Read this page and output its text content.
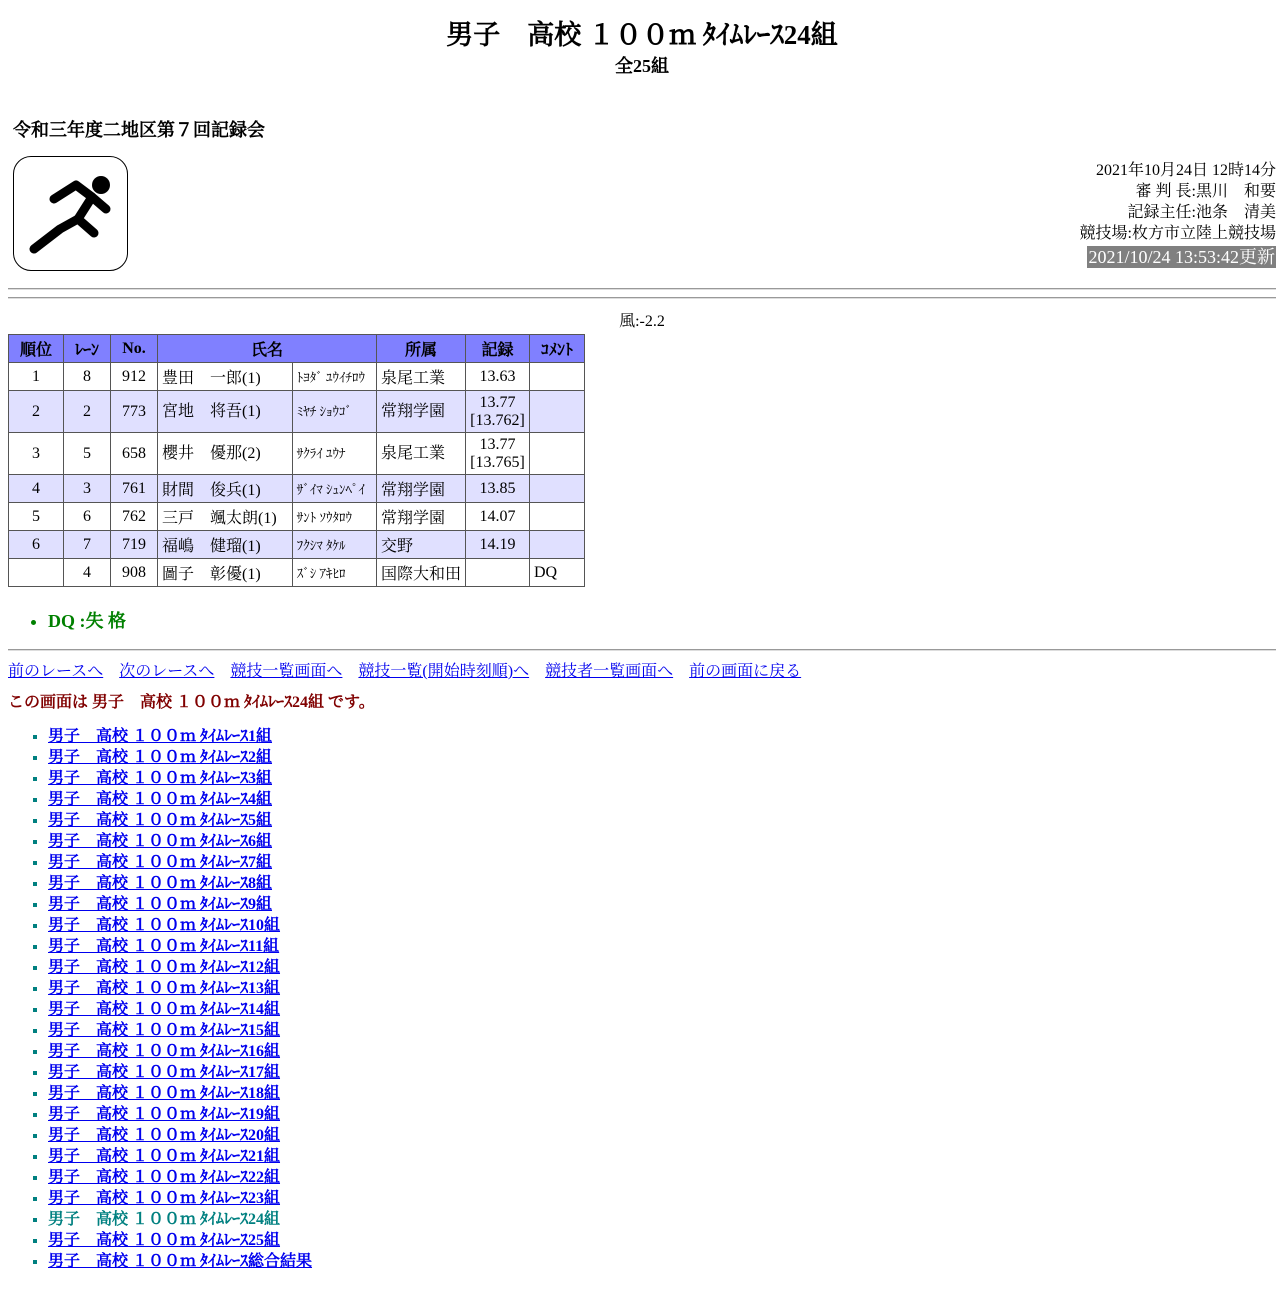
男子　高校 １００ｍ ﾀｲﾑﾚｰｽ24組
全25組
令和三年度二地区第７回記録会
2021年10月24日 12時14分
審 判 長:黒川　和要
記録主任:池条　清美
競技場:枚方市立陸上競技場
2021/10/24 13:53:42更新
風:-2.2
順位	ﾚｰﾝ	No.	氏名		所属	記録	ｺﾒﾝﾄ
1	8	912	豊田　一郎(1)	ﾄﾖﾀﾞ ﾕｳｲﾁﾛｳ	泉尾工業	13.63	
2	2	773	宮地　将吾(1)	ﾐﾔﾁ ｼｮｳｺﾞ	常翔学園	13.77
[13.762]	

3	5	658	櫻井　優那(2)	ｻｸﾗｲ ﾕｳﾅ	泉尾工業	13.77
[13.765]	

4	3	761	財間　俊兵(1)	ｻﾞｲﾏ ｼｭﾝﾍﾟｲ	常翔学園	13.85	
5	6	762	三戸　颯太朗(1)	ｻﾝﾄ ｿｳﾀﾛｳ	常翔学園	14.07	
6	7	719	福嶋　健瑠(1)	ﾌｸｼﾏ ﾀｹﾙ	交野	14.19	
	4	908	圖子　彰優(1)	ｽﾞｼ ｱｷﾋﾛ	国際大和田		DQ
• DQ :失 格
前のレースへ 次のレースへ 競技一覧画面へ 競技一覧(開始時刻順)へ 競技者一覧画面へ 前の画面に戻る
この画面は 男子　高校 １００ｍ ﾀｲﾑﾚｰｽ24組 です。
▪ 男子　高校 １００ｍ ﾀｲﾑﾚｰｽ1組
▪ 男子　高校 １００ｍ ﾀｲﾑﾚｰｽ2組
▪ 男子　高校 １００ｍ ﾀｲﾑﾚｰｽ3組
▪ 男子　高校 １００ｍ ﾀｲﾑﾚｰｽ4組
▪ 男子　高校 １００ｍ ﾀｲﾑﾚｰｽ5組
▪ 男子　高校 １００ｍ ﾀｲﾑﾚｰｽ6組
▪ 男子　高校 １００ｍ ﾀｲﾑﾚｰｽ7組
▪ 男子　高校 １００ｍ ﾀｲﾑﾚｰｽ8組
▪ 男子　高校 １００ｍ ﾀｲﾑﾚｰｽ9組
▪ 男子　高校 １００ｍ ﾀｲﾑﾚｰｽ10組
▪ 男子　高校 １００ｍ ﾀｲﾑﾚｰｽ11組
▪ 男子　高校 １００ｍ ﾀｲﾑﾚｰｽ12組
▪ 男子　高校 １００ｍ ﾀｲﾑﾚｰｽ13組
▪ 男子　高校 １００ｍ ﾀｲﾑﾚｰｽ14組
▪ 男子　高校 １００ｍ ﾀｲﾑﾚｰｽ15組
▪ 男子　高校 １００ｍ ﾀｲﾑﾚｰｽ16組
▪ 男子　高校 １００ｍ ﾀｲﾑﾚｰｽ17組
▪ 男子　高校 １００ｍ ﾀｲﾑﾚｰｽ18組
▪ 男子　高校 １００ｍ ﾀｲﾑﾚｰｽ19組
▪ 男子　高校 １００ｍ ﾀｲﾑﾚｰｽ20組
▪ 男子　高校 １００ｍ ﾀｲﾑﾚｰｽ21組
▪ 男子　高校 １００ｍ ﾀｲﾑﾚｰｽ22組
▪ 男子　高校 １００ｍ ﾀｲﾑﾚｰｽ23組
▪ 男子　高校 １００ｍ ﾀｲﾑﾚｰｽ24組
▪ 男子　高校 １００ｍ ﾀｲﾑﾚｰｽ25組
▪ 男子　高校 １００ｍ ﾀｲﾑﾚｰｽ総合結果
